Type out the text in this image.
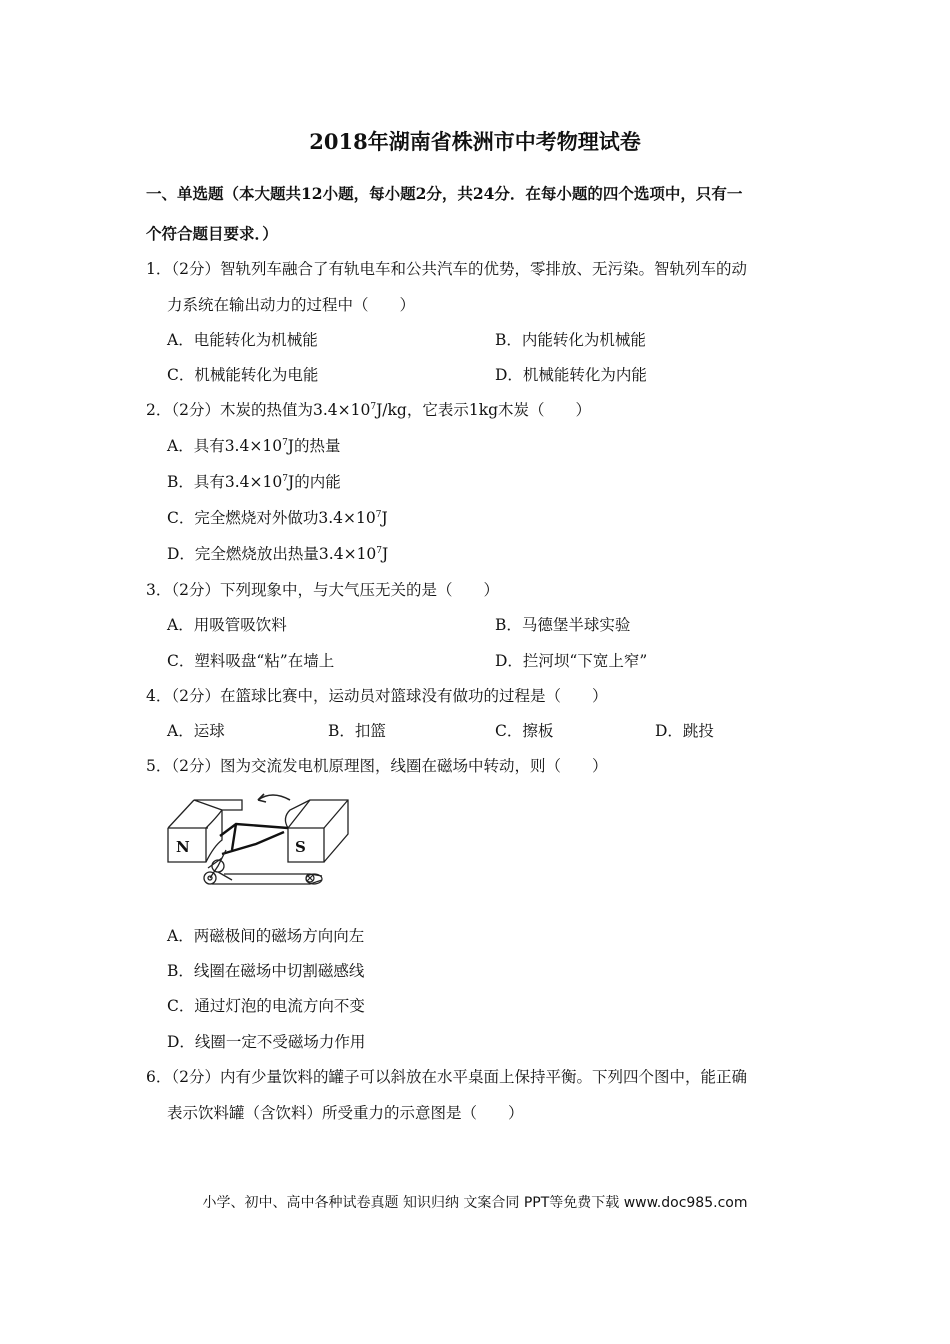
2018年湖南省株洲市中考物理试卷
一、单选题（本大题共12小题，每小题2分，共24分．在每小题的四个选项中，只有一
个符合题目要求．）
1．（2分）智轨列车融合了有轨电车和公共汽车的优势，零排放、无污染。智轨列车的动
力系统在输出动力的过程中（　　）
A．电能转化为机械能	B．内能转化为机械能
C．机械能转化为电能	D．机械能转化为内能
2．（2分）木炭的热值为$3.4\times 10^7J/kg$，它表示1kg木炭（　　）
A．具有$3.4\times 10^7J$的热量
B．具有$3.4\times 10^7J$的内能
C．完全燃烧对外做功$3.4\times 10^7J$
D．完全燃烧放出热量$3.4\times 10^7J$
3．（2分）下列现象中，与大气压无关的是（　　）
A．用吸管吸饮料	B．马德堡半球实验
C．塑料吸盘“粘”在墙上	D．拦河坝“下宽上窄”
4．（2分）在篮球比赛中，运动员对篮球没有做功的过程是（　　）
A．运球	B．扣篮	C．擦板	D．跳投
5．（2分）图为交流发电机原理图，线圈在磁场中转动，则（　　）
N	S
A．两磁极间的磁场方向向左
B．线圈在磁场中切割磁感线
C．通过灯泡的电流方向不变
D．线圈一定不受磁场力作用
6．（2分）内有少量饮料的罐子可以斜放在水平桌面上保持平衡。下列四个图中，能正确
表示饮料罐（含饮料）所受重力的示意图是（　　）
小学、初中、高中各种试卷真题 知识归纳 文案合同 PPT等免费下载 www.doc985.com
